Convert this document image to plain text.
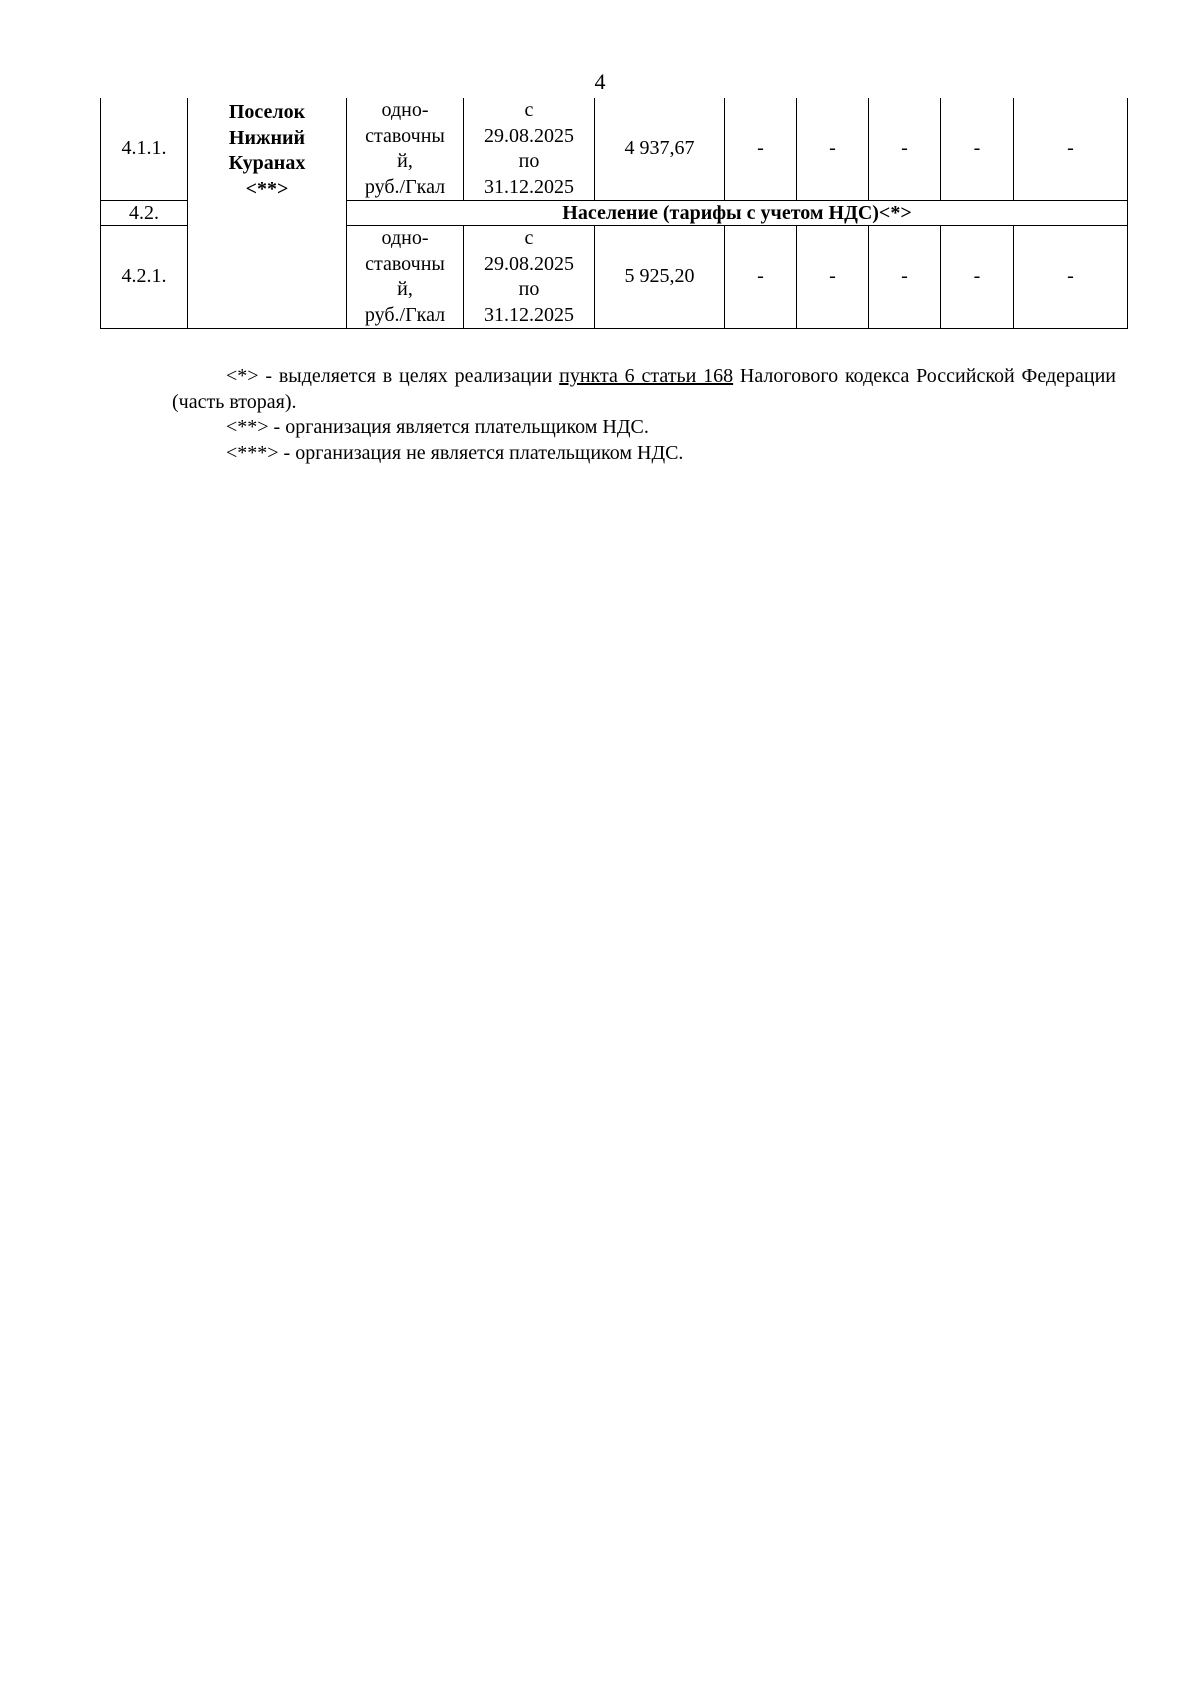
4
4.1.1.	Поселок
Нижний
Куранах
<**>	одно-
ставочны
й,
руб./Гкал	с
29.08.2025
по
31.12.2025	4 937,67	-	-	-	-	-
4.2.		Население (тарифы с учетом НДС)<*>							
4.2.1.		одно-
ставочны
й,
руб./Гкал	с
29.08.2025
по
31.12.2025	5 925,20	-	-	-	-	-

<*> - выделяется в целях реализации пункта 6 статьи 168 Налогового кодекса Российской Федерации (часть вторая).

<**> - организация является плательщиком НДС.

<***> - организация не является плательщиком НДС.
